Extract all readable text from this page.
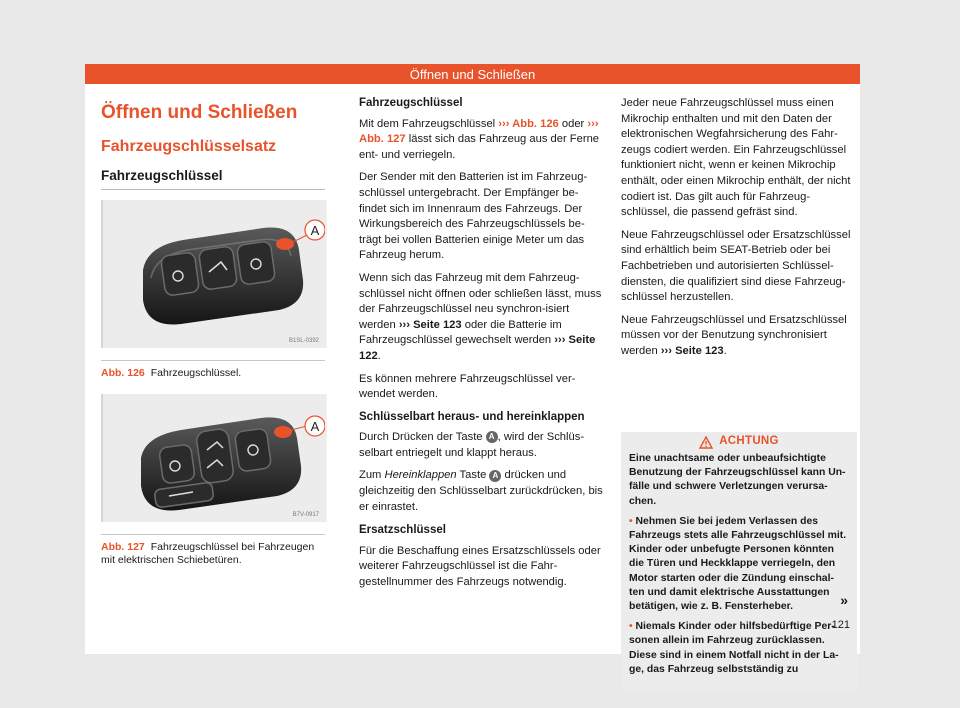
Öffnen und Schließen
Öffnen und Schließen
Fahrzeugschlüsselsatz
Fahrzeugschlüssel
A
B1SL-0392
Abb. 126 Fahrzeugschlüssel.
A
B7V-0917
Abb. 127 Fahrzeugschlüssel bei Fahrzeugen mit elektrischen Schiebetüren.
Fahrzeugschlüssel

Mit dem Fahrzeugschlüssel ››› Abb. 126 oder ››› Abb. 127 lässt sich das Fahrzeug aus der Ferne ent- und verriegeln.

Der Sender mit den Batterien ist im Fahrzeug-schlüssel untergebracht. Der Empfänger be-findet sich im Innenraum des Fahrzeugs. Der Wirkungsbereich des Fahrzeugschlüssels be-trägt bei vollen Batterien einige Meter um das Fahrzeug herum.

Wenn sich das Fahrzeug mit dem Fahrzeug-schlüssel nicht öffnen oder schließen lässt, muss der Fahrzeugschlüssel neu synchron-isiert werden ››› Seite 123 oder die Batterie im Fahrzeugschlüssel gewechselt werden ››› Seite 122.

Es können mehrere Fahrzeugschlüssel ver-wendet werden.

Schlüsselbart heraus- und hereinklappen

Durch Drücken der Taste A , wird der Schlüs-selbart entriegelt und klappt heraus.

Zum Hereinklappen Taste A drücken und gleichzeitig den Schlüsselbart zurückdrücken, bis er einrastet.

Ersatzschlüssel

Für die Beschaffung eines Ersatzschlüssels oder weiterer Fahrzeugschlüssel ist die Fahr-gestellnummer des Fahrzeugs notwendig.

Jeder neue Fahrzeugschlüssel muss einen Mikrochip enthalten und mit den Daten der elektronischen Wegfahrsicherung des Fahr-zeugs codiert werden. Ein Fahrzeugschlüssel funktioniert nicht, wenn er keinen Mikrochip enthält, oder einen Mikrochip enthält, der nicht codiert ist. Das gilt auch für Fahrzeug-schlüssel, die passend gefräst sind.

Neue Fahrzeugschlüssel oder Ersatzschlüssel sind erhältlich beim SEAT-Betrieb oder bei Fachbetrieben und autorisierten Schlüssel-diensten, die qualifiziert sind diese Fahrzeug-schlüssel herzustellen.

Neue Fahrzeugschlüssel und Ersatzschlüssel müssen vor der Benutzung synchronisiert werden ››› Seite 123.

ACHTUNG

Eine unachtsame oder unbeaufsichtigte Benutzung der Fahrzeugschlüssel kann Un-fälle und schwere Verletzungen verursa-chen.

• Nehmen Sie bei jedem Verlassen des Fahrzeugs stets alle Fahrzeugschlüssel mit. Kinder oder unbefugte Personen könnten die Türen und Heckklappe verriegeln, den Motor starten oder die Zündung einschal-ten und damit elektrische Ausstattungen betätigen, wie z. B. Fensterheber.

• Niemals Kinder oder hilfsbedürftige Per-sonen allein im Fahrzeug zurücklassen. Diese sind in einem Notfall nicht in der La-ge, das Fahrzeug selbstständig zu

»
121
